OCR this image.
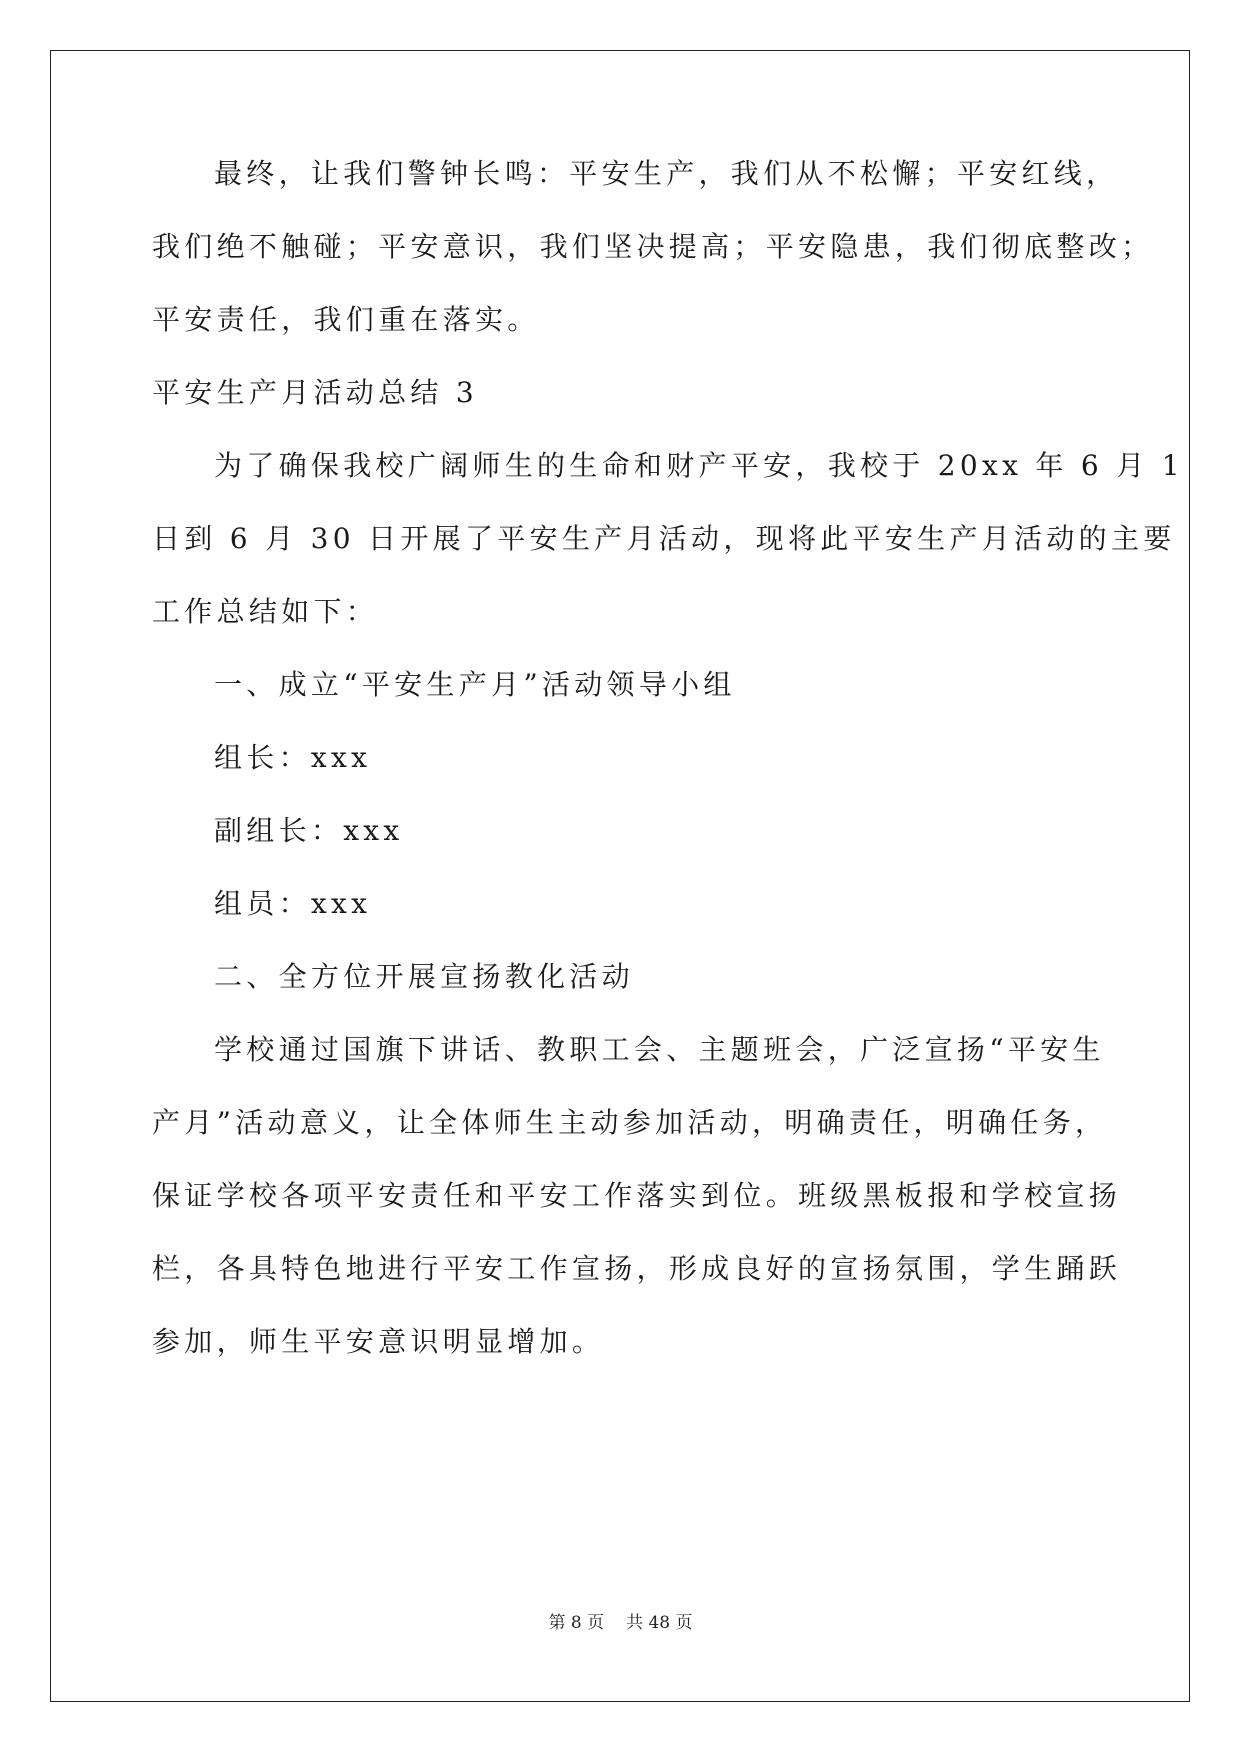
最终，让我们警钟长鸣：平安生产，我们从不松懈；平安红线，
我们绝不触碰；平安意识，我们坚决提高；平安隐患，我们彻底整改；
平安责任，我们重在落实。
平安生产月活动总结 3
为了确保我校广阔师生的生命和财产平安，我校于 20xx 年 6 月 1
日到 6 月 30 日开展了平安生产月活动，现将此平安生产月活动的主要
工作总结如下：
一、成立“平安生产月”活动领导小组
组长：xxx
副组长：xxx
组员：xxx
二、全方位开展宣扬教化活动
学校通过国旗下讲话、教职工会、主题班会，广泛宣扬“平安生
产月”活动意义，让全体师生主动参加活动，明确责任，明确任务，
保证学校各项平安责任和平安工作落实到位。班级黑板报和学校宣扬
栏，各具特色地进行平安工作宣扬，形成良好的宣扬氛围，学生踊跃
参加，师生平安意识明显增加。
第 8 页 共 48 页
